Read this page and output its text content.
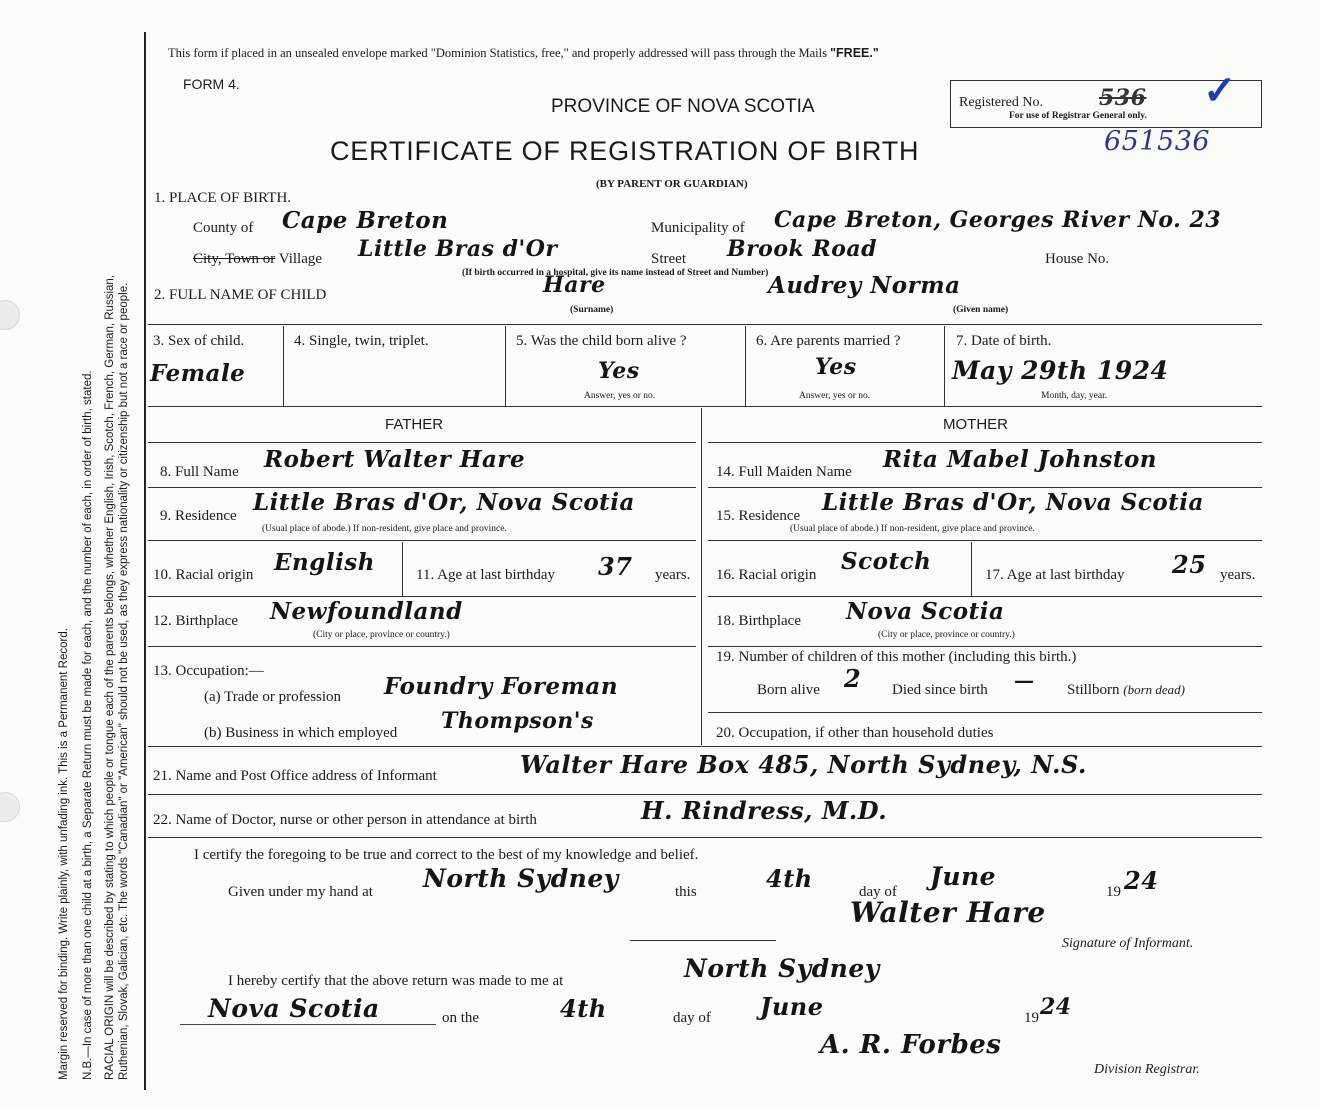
Margin reserved for binding. Write plainly, with unfading ink. This is a Permanent Record. N.B.—In case of more than one child at a birth, a Separate Return must be made for each, and the number of each, in order of birth, stated. RACIAL ORIGIN will be described by stating to which people or tongue each of the parents belongs, whether English, Irish, Scotch, French, German, Russian, Ruthenian, Slovak, Galician, etc. The words "Canadian" or "American" should not be used, as they express nationality or citizenship but not a race or people.
This form if placed in an unsealed envelope marked "Dominion Statistics, free," and properly addressed will pass through the Mails "FREE."
FORM 4.
PROVINCE OF NOVA SCOTIA
CERTIFICATE OF REGISTRATION OF BIRTH
(BY PARENT OR GUARDIAN)
Registered No.	536 ✓
For use of Registrar General only.
651536
1. PLACE OF BIRTH.
County of Cape Breton	Municipality of Cape Breton, Georges River No. 23
City, Town or Village Little Bras d'Or	Street Brook Road	House No.
(If birth occurred in a hospital, give its name instead of Street and Number)
2. FULL NAME OF CHILD	Hare	Audrey Norma
(Surname)	(Given name)
3. Sex of child.
Female
4. Single, twin, triplet.	5. Was the child born alive ?
Yes
Answer, yes or no.
6. Are parents married ?
Yes
Answer, yes or no.
7. Date of birth.
May 29th 1924
Month, day, year.
FATHER	MOTHER
8. Full Name Robert Walter Hare
9. Residence Little Bras d'Or, Nova Scotia
(Usual place of abode.) If non-resident, give place and province.
10. Racial origin English	11. Age at last birthday 37 years.
12. Birthplace Newfoundland
(City or place, province or country.)
13. Occupation:—
(a) Trade or profession Foundry Foreman
(b) Business in which employed Thompson's
14. Full Maiden Name Rita Mabel Johnston
15. Residence Little Bras d'Or, Nova Scotia
(Usual place of abode.) If non-resident, give place and province.
16. Racial origin Scotch	17. Age at last birthday 25 years.
18. Birthplace Nova Scotia
(City or place, province or country.)
19. Number of children of this mother (including this birth.)
Born alive 2 Died since birth — Stillborn (born dead)
20. Occupation, if other than household duties
21. Name and Post Office address of Informant	Walter Hare Box 485, North Sydney, N.S.
22. Name of Doctor, nurse or other person in attendance at birth	H. Rindress, M.D.
I certify the foregoing to be true and correct to the best of my knowledge and belief.
Given under my hand at North Sydney	this	4th	day of
June
19 24
Walter Hare
Signature of Informant.
I hereby certify that the above return was made to me at	North Sydney
Nova Scotia	on the	4th	day of June	19 24
A. R. Forbes
Division Registrar.
